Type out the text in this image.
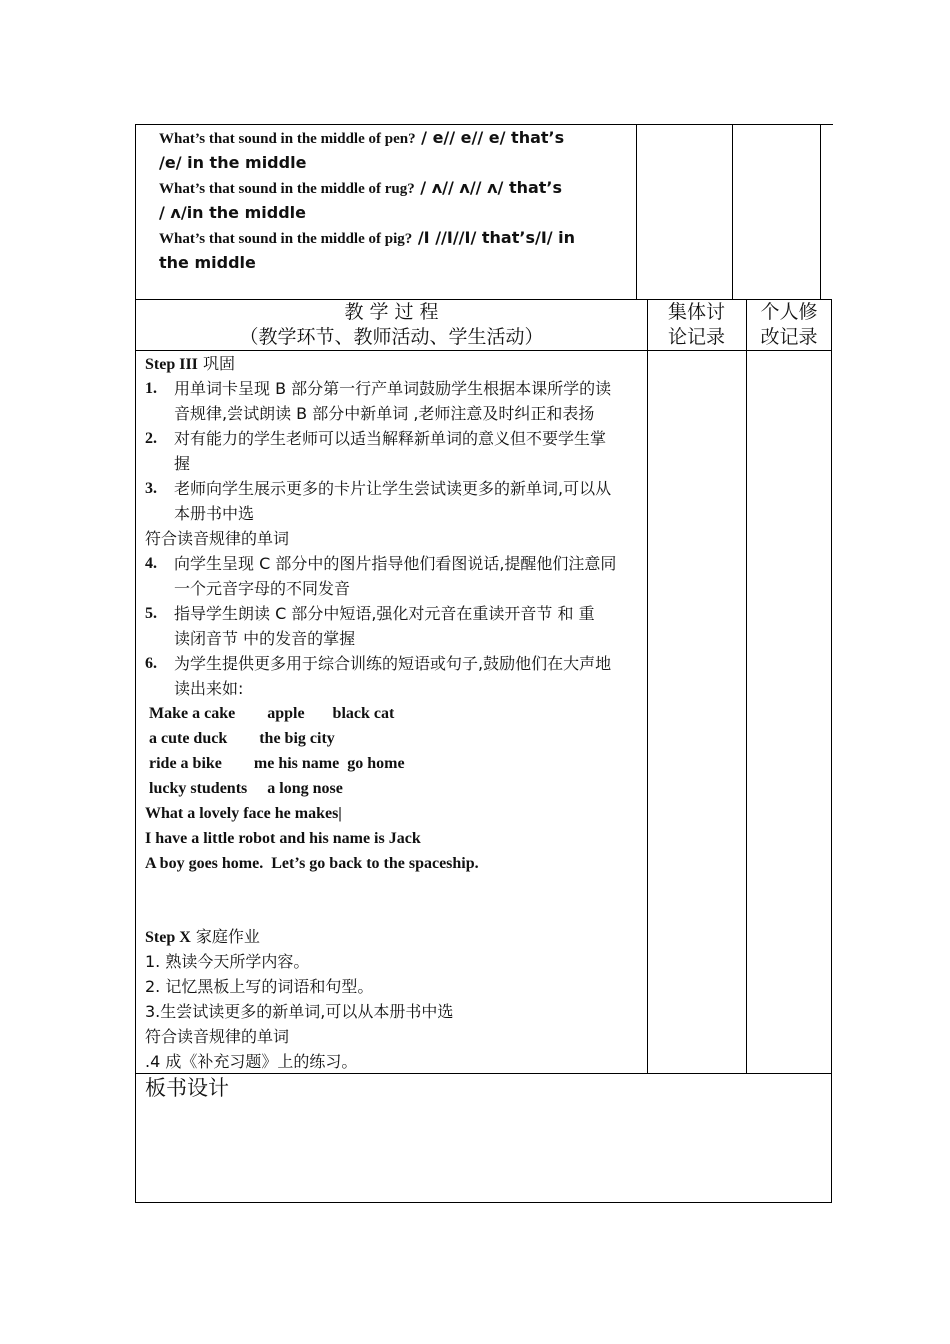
What’s that sound in the middle of pen? / e// e// e/ that’s
/e/ in the middle
What’s that sound in the middle of rug? / ʌ// ʌ// ʌ/ that’s
/ ʌ/in the middle
What’s that sound in the middle of pig? /I //I//I/ that’s/I/ in
the middle
教 学 过 程
（教学环节、教师活动、学生活动）
集体讨
论记录
个人修
改记录
Step III 巩固
1. 用单词卡呈现 B 部分第一行产单词鼓励学生根据本课所学的读
音规律,尝试朗读 B 部分中新单词 ,老师注意及时纠正和表扬
2. 对有能力的学生老师可以适当解释新单词的意义但不要学生掌
握
3. 老师向学生展示更多的卡片让学生尝试读更多的新单词,可以从
本册书中选
符合读音规律的单词
4. 向学生呈现 C 部分中的图片指导他们看图说话,提醒他们注意同
一个元音字母的不同发音
5. 指导学生朗读 C 部分中短语,强化对元音在重读开音节 和 重
读闭音节 中的发音的掌握
6. 为学生提供更多用于综合训练的短语或句子,鼓励他们在大声地
读出来如:
Make a cake        apple       black cat
a cute duck        the big city
ride a bike        me his name  go home
lucky students     a long nose
What a lovely face he makes|
I have a little robot and his name is Jack
A boy goes home.  Let’s go back to the spaceship.
Step X 家庭作业
1. 熟读今天所学内容。
2. 记忆黑板上写的词语和句型。
3.生尝试读更多的新单词,可以从本册书中选
符合读音规律的单词
.4 成《补充习题》上的练习。
板书设计
